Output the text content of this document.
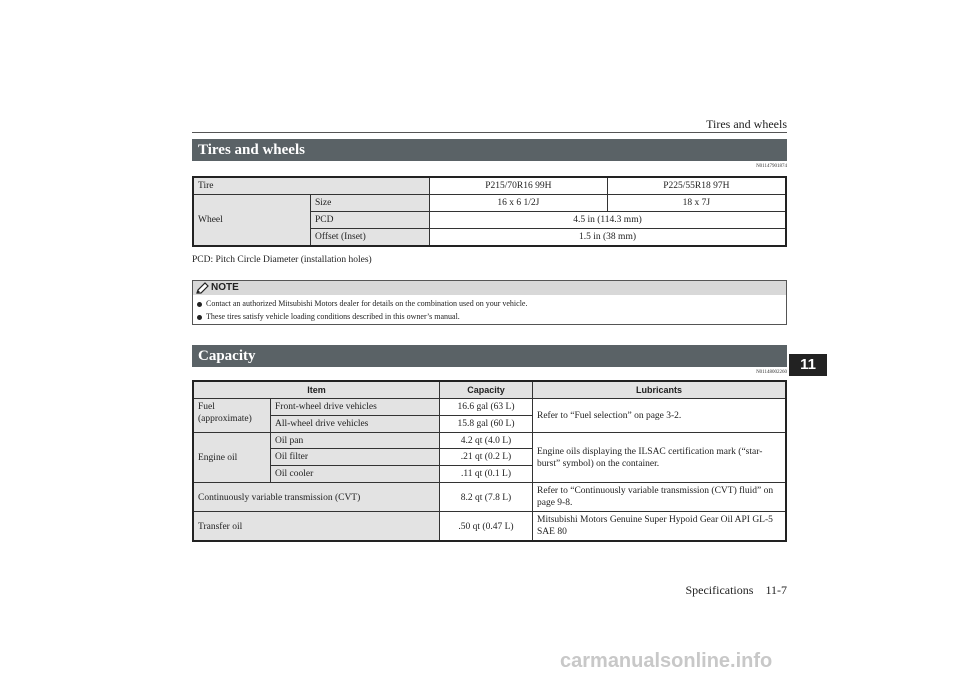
Tires and wheels
Tires and wheels
N01147901874
Tire		P215/70R16 99H	P225/55R18 97H
Wheel	Size	16 x 6 1/2J	18 x 7J
	PCD	4.5 in (114.3 mm)	
	Offset (Inset)	1.5 in (38 mm)	
PCD: Pitch Circle Diameter (installation holes)
NOTE
Contact an authorized Mitsubishi Motors dealer for details on the combination used on your vehicle.
These tires satisfy vehicle loading conditions described in this owner’s manual.
Capacity
N01148002260 11
Item		Capacity	Lubricants
Fuel (approximate)	Front-wheel drive vehicles	16.6 gal (63 L)	Refer to “Fuel selection” on page 3-2.
	All-wheel drive vehicles	15.8 gal (60 L)	
Engine oil	Oil pan	4.2 qt (4.0 L)	Engine oils displaying the ILSAC certification mark (“star-burst” symbol) on the container.
	Oil filter	.21 qt (0.2 L)	
	Oil cooler	.11 qt (0.1 L)	
Continuously variable transmission (CVT)		8.2 qt (7.8 L)	Refer to “Continuously variable transmission (CVT) fluid” on page 9-8.
Transfer oil		.50 qt (0.47 L)	Mitsubishi Motors Genuine Super Hypoid Gear Oil API GL-5 SAE 80
Specifications 11-7
carmanualsonline.info
